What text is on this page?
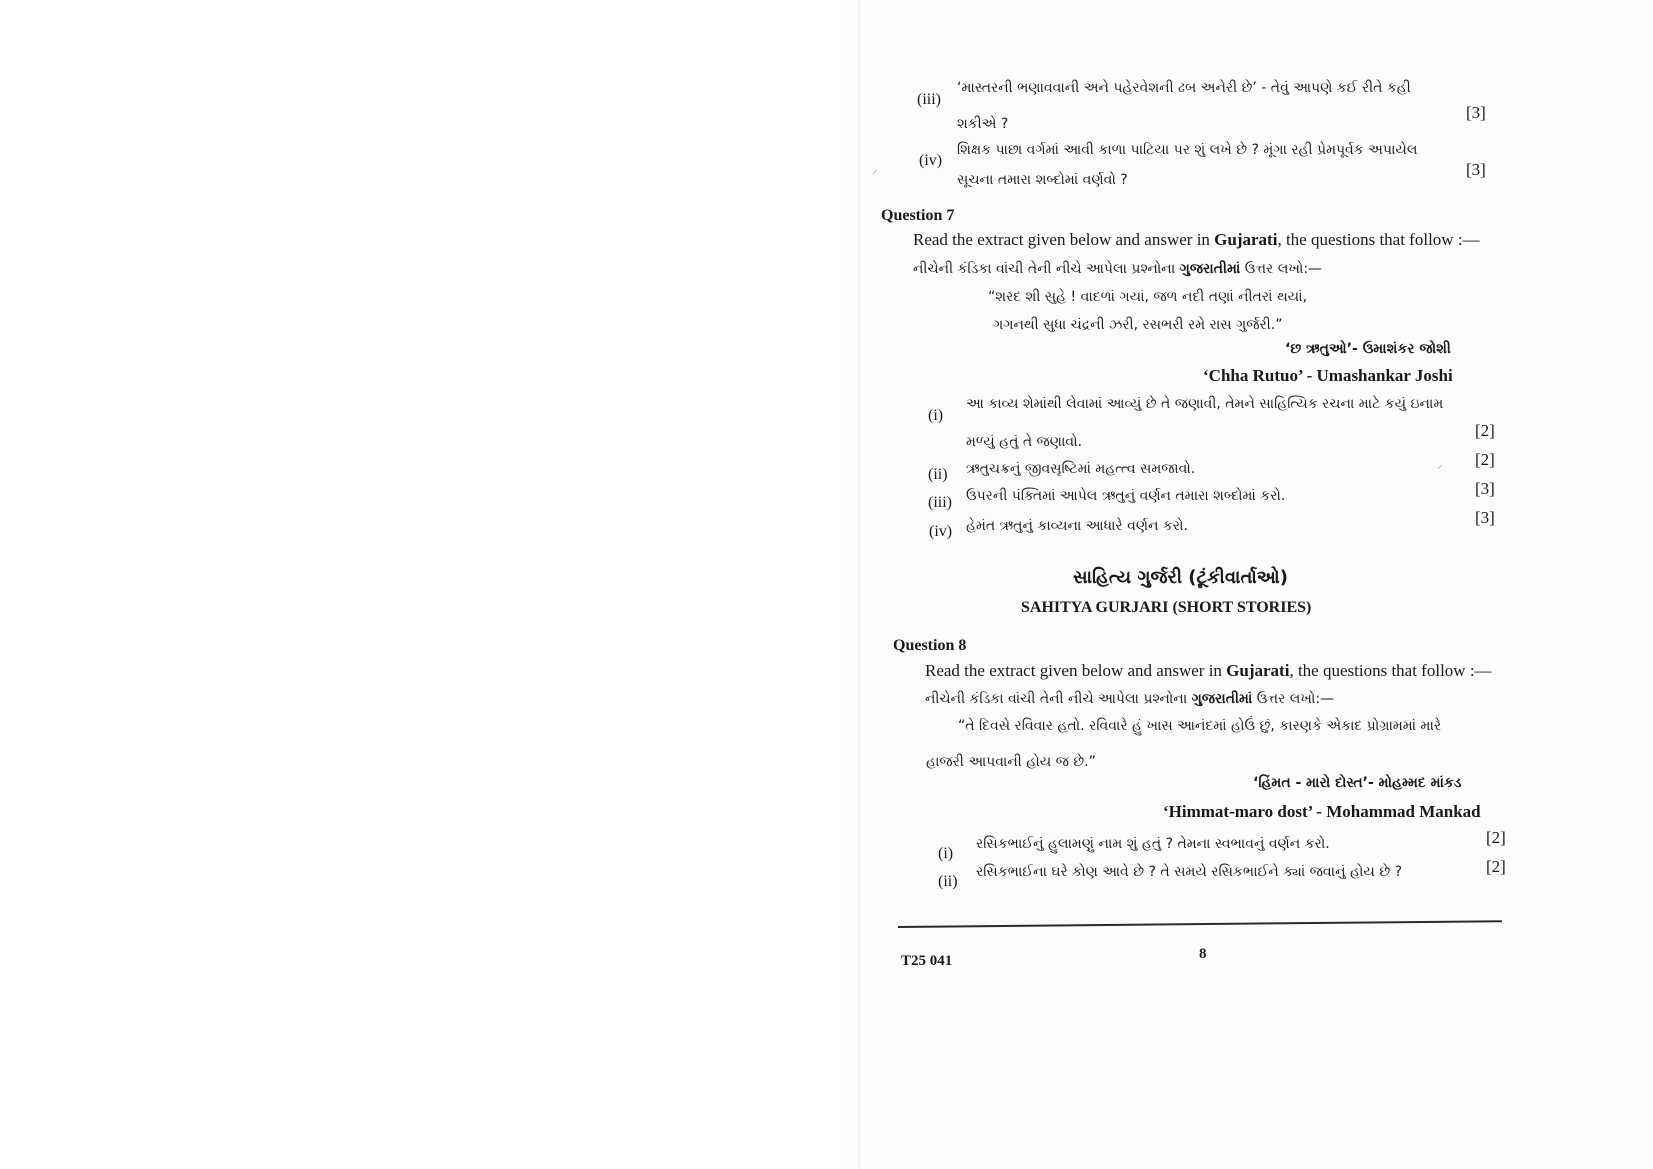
(iii)
‘માસ્તરની ભણાવવાની અને પહેરવેશની ઢબ અનેરી છે’ - તેવું આપણે કઈ રીતે કહી
શકીએ ?
[3]
(iv)
શિક્ષક પાછા વર્ગમાં આવી કાળા પાટિયા પર શું લખે છે ? મૂંગા રહી પ્રેમપૂર્વક અપાયેલ
સૂચના તમારા શબ્દોમાં વર્ણવો ?
[3]
Question 7
Read the extract given below and answer in Gujarati, the questions that follow :—
નીચેની કંડિકા વાંચી તેની નીચે આપેલા પ્રશ્નોના ગુજરાતીમાં ઉત્તર લખો:—
“શરદ શી સુહે ! વાદળાં ગયાં, જળ નદી તણાં નીતરાં થયાં,
ગગનથી સુધા ચંદ્રની ઝરી, રસભરી રમે રાસ ગુર્જરી.”
‘છ ઋતુઓ’- ઉમાશંકર જોશી
‘Chha Rutuo’ - Umashankar Joshi
(i)
આ કાવ્ય શેમાંથી લેવામાં આવ્યું છે તે જણાવી, તેમને સાહિત્યિક રચના માટે કયું ઇનામ
મળ્યું હતું તે જણાવો.
[2]
(ii) ઋતુચક્રનું જીવસૃષ્ટિમાં મહત્ત્વ સમજાવો.	[2]
(iii) ઉપરની પંક્તિમાં આપેલ ઋતુનું વર્ણન તમારા શબ્દોમાં કરો.	[3]
(iv) હેમંત ઋતુનું કાવ્યના આધારે વર્ણન કરો.	[3]
સાહિત્ય ગુર્જરી (ટૂંકીવાર્તાઓ)
SAHITYA GURJARI (SHORT STORIES)
Question 8
Read the extract given below and answer in Gujarati, the questions that follow :—
નીચેની કંડિકા વાંચી તેની નીચે આપેલા પ્રશ્નોના ગુજરાતીમાં ઉત્તર લખો:—
“તે દિવસે રવિવાર હતો. રવિવારે હું ખાસ આનંદમાં હોઉં છું, કારણકે એકાદ પ્રોગ્રામમાં મારે
હાજરી આપવાની હોય જ છે.”
‘હિંમત - મારો દોસ્ત’- મોહમ્મદ માંકડ
‘Himmat-maro dost’ - Mohammad Mankad
(i)
રસિકભાઈનું હુલામણું નામ શું હતું ? તેમના સ્વભાવનું વર્ણન કરો.	[2]
(ii)
રસિકભાઈના ઘરે કોણ આવે છે ? તે સમયે રસિકભાઈને ક્યાં જવાનું હોય છે ?	[2]
T25 041	8
⸝
⸝
